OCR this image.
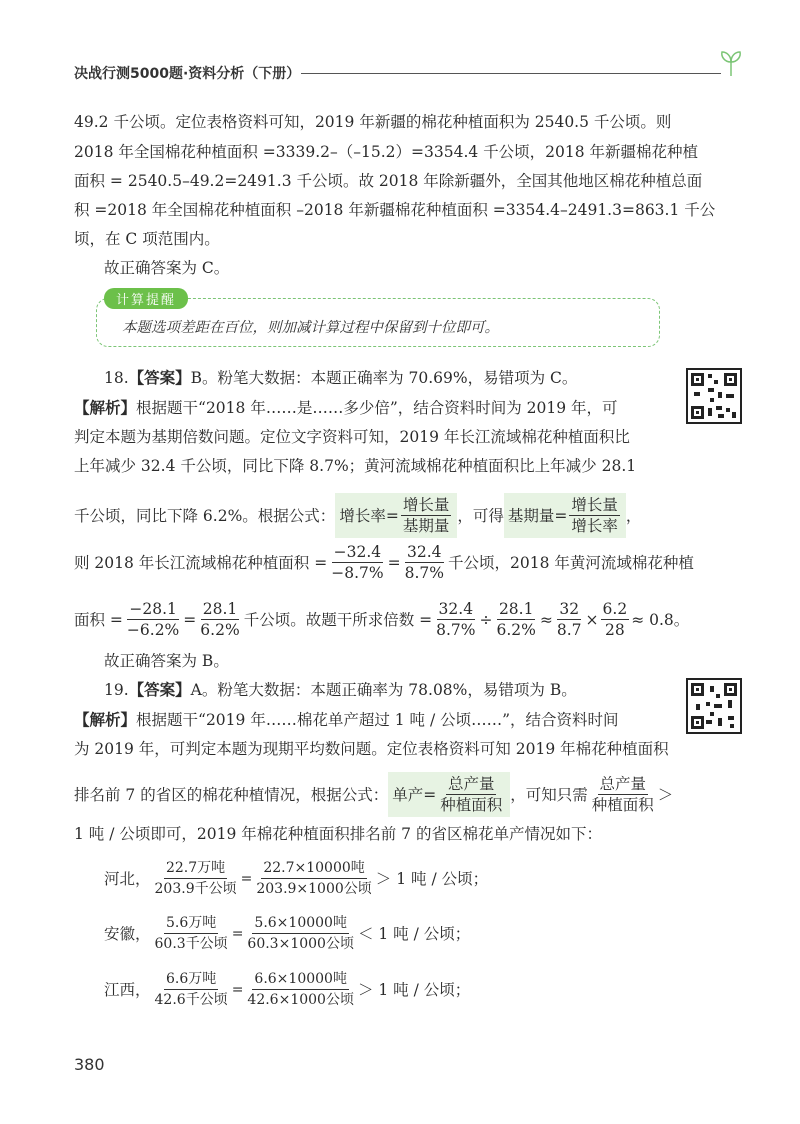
决战行测5000题·资料分析（下册）
49.2 千公顷。定位表格资料可知，2019 年新疆的棉花种植面积为 2540.5 千公顷。则
2018 年全国棉花种植面积 =3339.2–（–15.2）=3354.4 千公顷，2018 年新疆棉花种植
面积 = 2540.5–49.2=2491.3 千公顷。故 2018 年除新疆外，全国其他地区棉花种植总面
积 =2018 年全国棉花种植面积 –2018 年新疆棉花种植面积 =3354.4–2491.3=863.1 千公
顷，在 C 项范围内。
故正确答案为 C。
计算提醒
本题选项差距在百位，则加减计算过程中保留到十位即可。
18.【答案】B。粉笔大数据：本题正确率为 70.69%，易错项为 C。
【解析】根据题干“2018 年……是……多少倍”，结合资料时间为 2019 年，可
判定本题为基期倍数问题。定位文字资料可知，2019 年长江流域棉花种植面积比
上年减少 32.4 千公顷，同比下降 8.7%；黄河流域棉花种植面积比上年减少 28.1
千公顷，同比下降 6.2%。根据公式： 增长率= $\frac{\text{增长量}}{\text{基期量}}$ ，可得 基期量= $\frac{\text{增长量}}{\text{增长率}}$ ，
则 2018 年长江流域棉花种植面积 = $\frac{-32.4}{-8.7\%} = \frac{32.4}{8.7\%}$ 千公顷，2018 年黄河流域棉花种植
面积 = $\frac{-28.1}{-6.2\%} = \frac{28.1}{6.2\%}$ 千公顷。故题干所求倍数 = $\frac{32.4}{8.7\%} \div \frac{28.1}{6.2\%} \approx \frac{32}{8.7} \times \frac{6.2}{28} \approx 0.8$。
故正确答案为 B。
19.【答案】A。粉笔大数据：本题正确率为 78.08%，易错项为 B。
【解析】根据题干“2019 年……棉花单产超过 1 吨 / 公顷……”，结合资料时间
为 2019 年，可判定本题为现期平均数问题。定位表格资料可知 2019 年棉花种植面积
排名前 7 的省区的棉花种植情况，根据公式： 单产= $\frac{\text{总产量}}{\text{种植面积}}$ ，可知只需 $\frac{\text{总产量}}{\text{种植面积}}$ ＞
1 吨 / 公顷即可，2019 年棉花种植面积排名前 7 的省区棉花单产情况如下：
河北， $\frac{\text{22.7万吨}}{\text{203.9千公顷}} = \frac{\text{22.7×10000吨}}{\text{203.9×1000公顷}} > 1$ 吨 / 公顷；
安徽， $\frac{\text{5.6万吨}}{\text{60.3千公顷}} = \frac{\text{5.6×10000吨}}{\text{60.3×1000公顷}} < 1$ 吨 / 公顷；
江西， $\frac{\text{6.6万吨}}{\text{42.6千公顷}} = \frac{\text{6.6×10000吨}}{\text{42.6×1000公顷}} > 1$ 吨 / 公顷；
380
